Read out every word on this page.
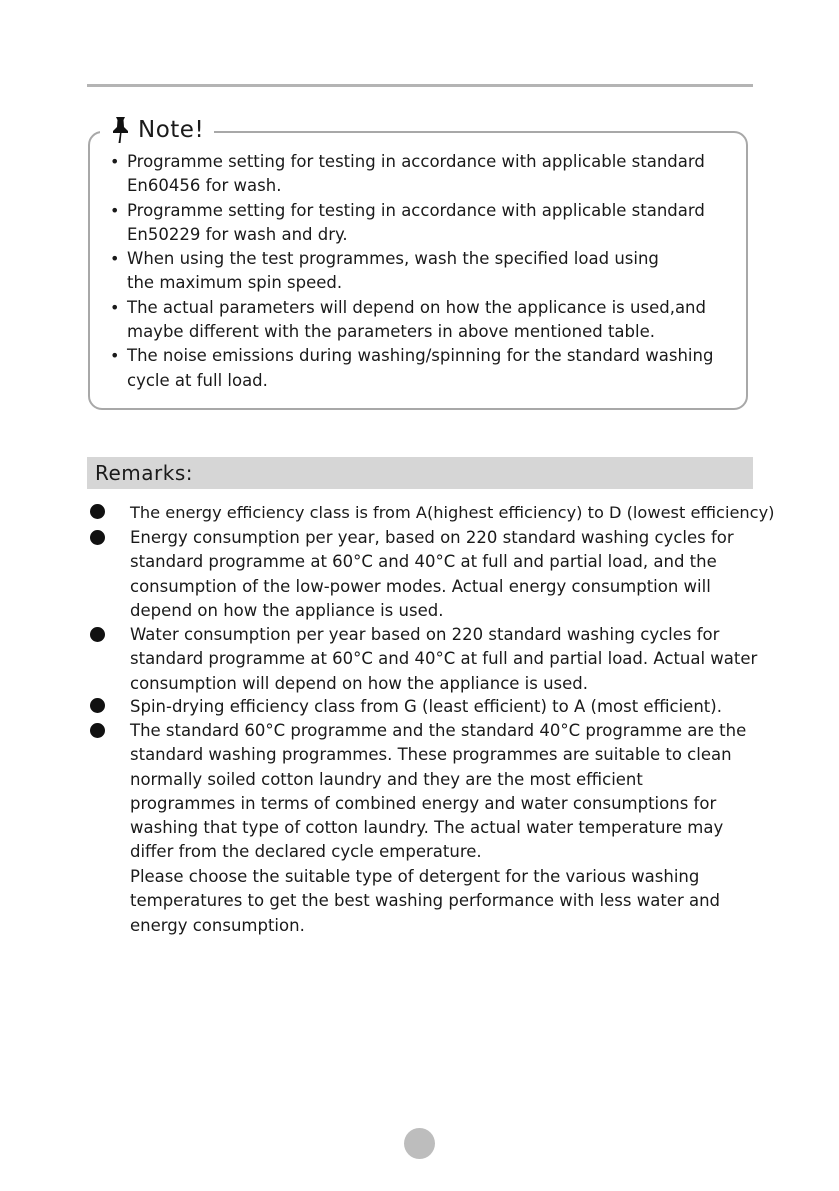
Note!
• Programme setting for testing in accordance with applicable standard En60456 for wash.
• Programme setting for testing in accordance with applicable standard En50229 for wash and dry.
• When using the test programmes, wash the specified load using the maximum spin speed.
• The actual parameters will depend on how the applicance is used,and maybe different with the parameters in above mentioned table.
• The noise emissions during washing/spinning for the standard washing cycle at full load.
Remarks:
The energy efficiency class is from A(highest efficiency) to D (lowest efficiency)
Energy consumption per year, based on 220 standard washing cycles for standard programme at 60°C and 40°C at full and partial load, and the consumption of the low-power modes. Actual energy consumption will depend on how the appliance is used.
Water consumption per year based on 220 standard washing cycles for standard programme at 60°C and 40°C at full and partial load. Actual water consumption will depend on how the appliance is used.
Spin-drying efficiency class from G (least efficient) to A (most efficient).
The standard 60°C programme and the standard 40°C programme are the standard washing programmes. These programmes are suitable to clean normally soiled cotton laundry and they are the most efficient programmes in terms of combined energy and water consumptions for washing that type of cotton laundry. The actual water temperature may differ from the declared cycle emperature.
Please choose the suitable type of detergent for the various washing temperatures to get the best washing performance with less water and energy consumption.
